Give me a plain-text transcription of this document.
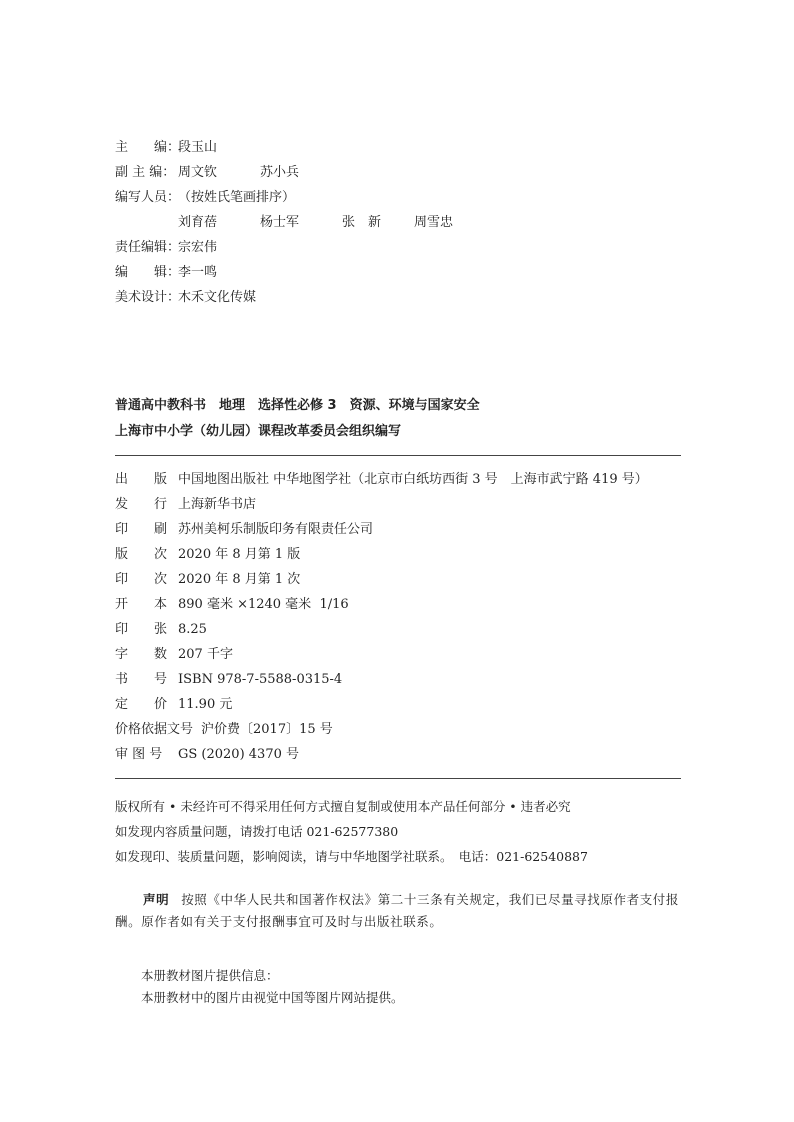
主　　编：段玉山
副 主 编： 周文钦	苏小兵
编写人员：（按姓氏笔画排序）
刘育蓓	杨士军	张　新	周雪忠
责任编辑：宗宏伟
编　　辑：李一鸣
美术设计：木禾文化传媒
普通高中教科书　地理　选择性必修 3　资源、环境与国家安全
上海市中小学（幼儿园）课程改革委员会组织编写
出　　版 中国地图出版社 中华地图学社（北京市白纸坊西街 3 号　上海市武宁路 419 号）
发　　行 上海新华书店
印　　刷 苏州美柯乐制版印务有限责任公司
版　　次 2020 年 8 月第 1 版
印　　次 2020 年 8 月第 1 次
开　　本 890 毫米 ×1240 毫米  1/16
印　　张 8.25
字　　数 207 千字
书　　号 ISBN 978-7-5588-0315-4
定　　价 11.90 元
价格依据文号 沪价费〔2017〕15 号
审 图 号 GS (2020) 4370 号
版权所有 • 未经许可不得采用任何方式擅自复制或使用本产品任何部分 • 违者必究
如发现内容质量问题，请拨打电话 021-62577380
如发现印、装质量问题，影响阅读，请与中华地图学社联系。　电话：021-62540887
声明 按照《中华人民共和国著作权法》第二十三条有关规定，我们已尽量寻找原作者支付报酬。原作者如有关于支付报酬事宜可及时与出版社联系。
本册教材图片提供信息：
本册教材中的图片由视觉中国等图片网站提供。
